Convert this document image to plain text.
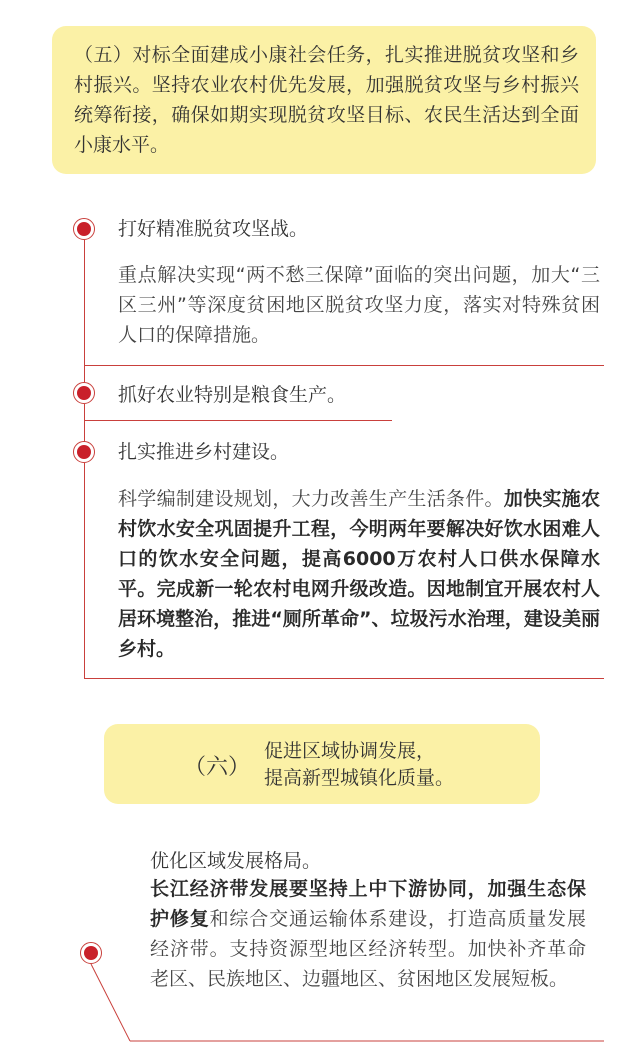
（五）对标全面建成小康社会任务，扎实推进脱贫攻坚和乡村振兴。坚持农业农村优先发展，加强脱贫攻坚与乡村振兴统筹衔接，确保如期实现脱贫攻坚目标、农民生活达到全面小康水平。
打好精准脱贫攻坚战。
重点解决实现“两不愁三保障”面临的突出问题，加大“三区三州”等深度贫困地区脱贫攻坚力度，落实对特殊贫困人口的保障措施。
抓好农业特别是粮食生产。
扎实推进乡村建设。
科学编制建设规划，大力改善生产生活条件。加快实施农村饮水安全巩固提升工程，今明两年要解决好饮水困难人口的饮水安全问题，提高6000万农村人口供水保障水平。完成新一轮农村电网升级改造。因地制宜开展农村人居环境整治，推进“厕所革命”、垃圾污水治理，建设美丽乡村。
（六）
促进区域协调发展，
提高新型城镇化质量。
优化区域发展格局。
长江经济带发展要坚持上中下游协同，加强生态保护修复和综合交通运输体系建设，打造高质量发展经济带。支持资源型地区经济转型。加快补齐革命老区、民族地区、边疆地区、贫困地区发展短板。
